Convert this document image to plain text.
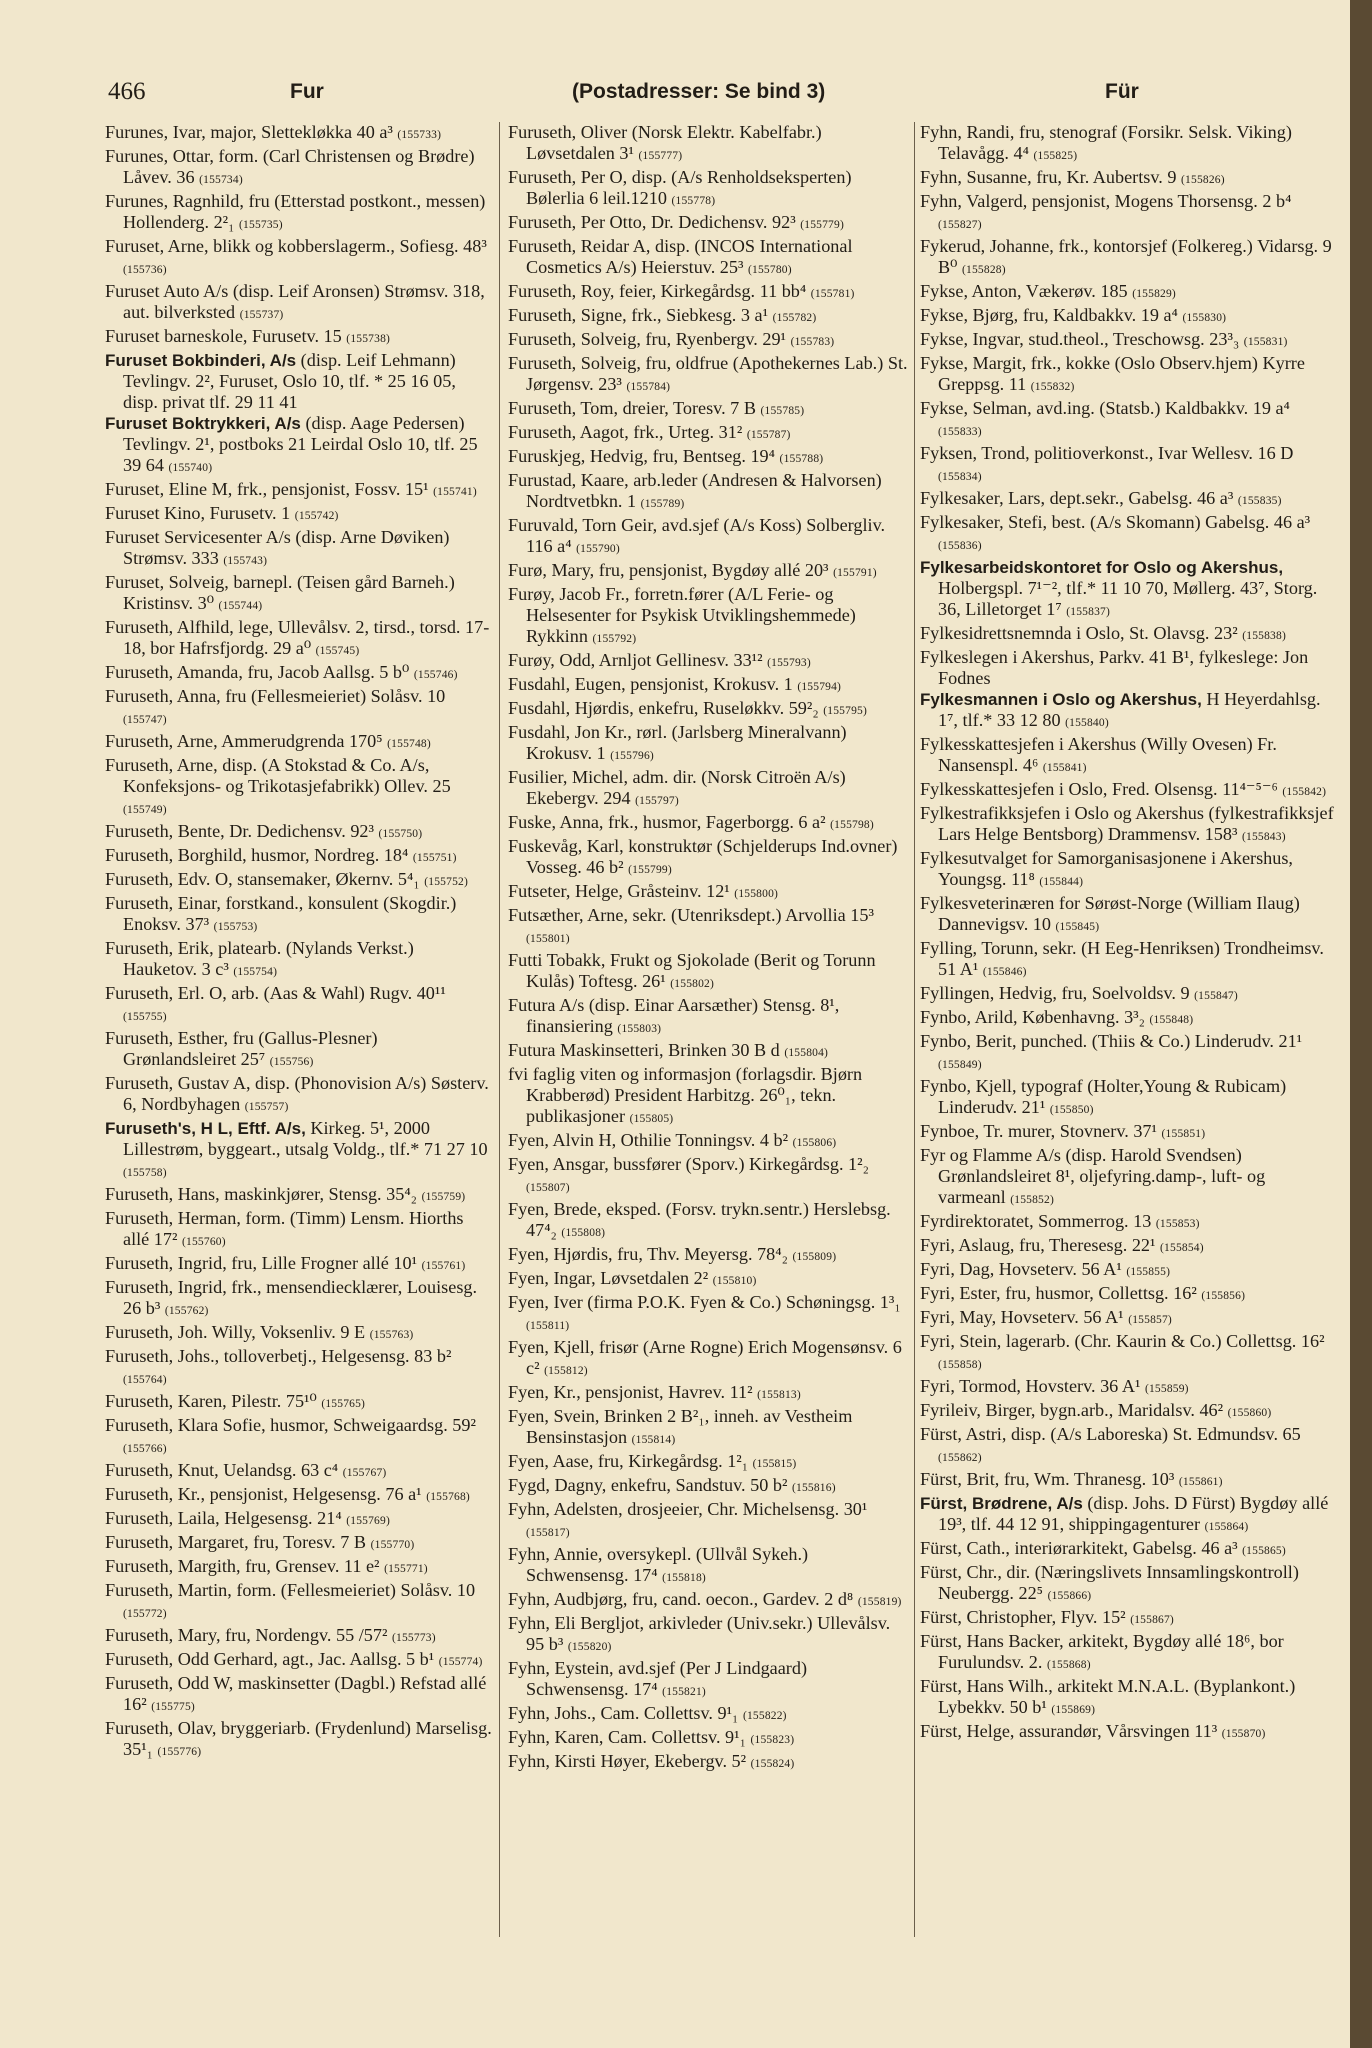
466	Fur	(Postadresser: Se bind 3)	Für
Furunes, Ivar, major, Slettekløkka 40 a³ (155733)
Furunes, Ottar, form. (Carl Christensen og Brødre) Låvev. 36 (155734)
Furunes, Ragnhild, fru (Etterstad postkont., messen) Hollenderg. 2²₁ (155735)
Furuset, Arne, blikk og kobberslagerm., Sofiesg. 48³ (155736)
Furuset Auto A/s (disp. Leif Aronsen) Strømsv. 318, aut. bilverksted (155737)
Furuset barneskole, Furusetv. 15 (155738)
Furuset Bokbinderi, A/s (disp. Leif Lehmann) Tevlingv. 2², Furuset, Oslo 10, tlf. * 25 16 05, disp. privat tlf. 29 11 41
Furuset Boktrykkeri, A/s (disp. Aage Pedersen) Tevlingv. 2¹, postboks 21 Leirdal Oslo 10, tlf. 25 39 64 (155740)
Furuset, Eline M, frk., pensjonist, Fossv. 15¹ (155741)
Furuset Kino, Furusetv. 1 (155742)
Furuset Servicesenter A/s (disp. Arne Døviken) Strømsv. 333 (155743)
Furuset, Solveig, barnepl. (Teisen gård Barneh.) Kristinsv. 3⁰ (155744)
Furuseth, Alfhild, lege, Ullevålsv. 2, tirsd., torsd. 17-18, bor Hafrsfjordg. 29 a⁰ (155745)
Furuseth, Amanda, fru, Jacob Aallsg. 5 b⁰ (155746)
Furuseth, Anna, fru (Fellesmeieriet) Solåsv. 10 (155747)
Furuseth, Arne, Ammerudgrenda 170⁵ (155748)
Furuseth, Arne, disp. (A Stokstad & Co. A/s, Konfeksjons- og Trikotasjefabrikk) Ollev. 25 (155749)
Furuseth, Bente, Dr. Dedichensv. 92³ (155750)
Furuseth, Borghild, husmor, Nordreg. 18⁴ (155751)
Furuseth, Edv. O, stansemaker, Økernv. 5⁴₁ (155752)
Furuseth, Einar, forstkand., konsulent (Skogdir.) Enoksv. 37³ (155753)
Furuseth, Erik, platearb. (Nylands Verkst.) Hauketov. 3 c³ (155754)
Furuseth, Erl. O, arb. (Aas & Wahl) Rugv. 40¹¹ (155755)
Furuseth, Esther, fru (Gallus-Plesner) Grønlandsleiret 25⁷ (155756)
Furuseth, Gustav A, disp. (Phonovision A/s) Søsterv. 6, Nordbyhagen (155757)
Furuseth's, H L, Eftf. A/s, Kirkeg. 5¹, 2000 Lillestrøm, byggeart., utsalg Voldg., tlf.* 71 27 10 (155758)
Furuseth, Hans, maskinkjører, Stensg. 35⁴₂ (155759)
Furuseth, Herman, form. (Timm) Lensm. Hiorths allé 17² (155760)
Furuseth, Ingrid, fru, Lille Frogner allé 10¹ (155761)
Furuseth, Ingrid, frk., mensendiecklærer, Louisesg. 26 b³ (155762)
Furuseth, Joh. Willy, Voksenliv. 9 E (155763)
Furuseth, Johs., tolloverbetj., Helgesensg. 83 b² (155764)
Furuseth, Karen, Pilestr. 75¹⁰ (155765)
Furuseth, Klara Sofie, husmor, Schweigaardsg. 59² (155766)
Furuseth, Knut, Uelandsg. 63 c⁴ (155767)
Furuseth, Kr., pensjonist, Helgesensg. 76 a¹ (155768)
Furuseth, Laila, Helgesensg. 21⁴ (155769)
Furuseth, Margaret, fru, Toresv. 7 B (155770)
Furuseth, Margith, fru, Grensev. 11 e² (155771)
Furuseth, Martin, form. (Fellesmeieriet) Solåsv. 10 (155772)
Furuseth, Mary, fru, Nordengv. 55 /57² (155773)
Furuseth, Odd Gerhard, agt., Jac. Aallsg. 5 b¹ (155774)
Furuseth, Odd W, maskinsetter (Dagbl.) Refstad allé 16² (155775)
Furuseth, Olav, bryggeriarb. (Frydenlund) Marselisg. 35¹₁ (155776)
Furuseth, Oliver (Norsk Elektr. Kabelfabr.) Løvsetdalen 3¹ (155777)
Furuseth, Per O, disp. (A/s Renholdseksperten) Bølerlia 6 leil.1210 (155778)
Furuseth, Per Otto, Dr. Dedichensv. 92³ (155779)
Furuseth, Reidar A, disp. (INCOS International Cosmetics A/s) Heierstuv. 25³ (155780)
Furuseth, Roy, feier, Kirkegårdsg. 11 bb⁴ (155781)
Furuseth, Signe, frk., Siebkesg. 3 a¹ (155782)
Furuseth, Solveig, fru, Ryenbergv. 29¹ (155783)
Furuseth, Solveig, fru, oldfrue (Apothekernes Lab.) St. Jørgensv. 23³ (155784)
Furuseth, Tom, dreier, Toresv. 7 B (155785)
Furuseth, Aagot, frk., Urteg. 31² (155787)
Furuskjeg, Hedvig, fru, Bentseg. 19⁴ (155788)
Furustad, Kaare, arb.leder (Andresen & Halvorsen) Nordtvetbkn. 1 (155789)
Furuvald, Torn Geir, avd.sjef (A/s Koss) Solbergliv. 116 a⁴ (155790)
Furø, Mary, fru, pensjonist, Bygdøy allé 20³ (155791)
Furøy, Jacob Fr., forretn.fører (A/L Ferie- og Helsesenter for Psykisk Utviklingshemmede) Rykkinn (155792)
Furøy, Odd, Arnljot Gellinesv. 33¹² (155793)
Fusdahl, Eugen, pensjonist, Krokusv. 1 (155794)
Fusdahl, Hjørdis, enkefru, Ruseløkkv. 59²₂ (155795)
Fusdahl, Jon Kr., rørl. (Jarlsberg Mineralvann) Krokusv. 1 (155796)
Fusilier, Michel, adm. dir. (Norsk Citroën A/s) Ekebergv. 294 (155797)
Fuske, Anna, frk., husmor, Fagerborgg. 6 a² (155798)
Fuskevåg, Karl, konstruktør (Schjelderups Ind.ovner) Vosseg. 46 b² (155799)
Futseter, Helge, Gråsteinv. 12¹ (155800)
Futsæther, Arne, sekr. (Utenriksdept.) Arvollia 15³ (155801)
Futti Tobakk, Frukt og Sjokolade (Berit og Torunn Kulås) Toftesg. 26¹ (155802)
Futura A/s (disp. Einar Aarsæther) Stensg. 8¹, finansiering (155803)
Futura Maskinsetteri, Brinken 30 B d (155804)
fvi faglig viten og informasjon (forlagsdir. Bjørn Krabberød) President Harbitzg. 26⁰₁, tekn. publikasjoner (155805)
Fyen, Alvin H, Othilie Tonningsv. 4 b² (155806)
Fyen, Ansgar, bussfører (Sporv.) Kirkegårdsg. 1²₂ (155807)
Fyen, Brede, eksped. (Forsv. trykn.sentr.) Herslebsg. 47⁴₂ (155808)
Fyen, Hjørdis, fru, Thv. Meyersg. 78⁴₂ (155809)
Fyen, Ingar, Løvsetdalen 2² (155810)
Fyen, Iver (firma P.O.K. Fyen & Co.) Schøningsg. 1³₁ (155811)
Fyen, Kjell, frisør (Arne Rogne) Erich Mogensønsv. 6 c² (155812)
Fyen, Kr., pensjonist, Havrev. 11² (155813)
Fyen, Svein, Brinken 2 B²₁, inneh. av Vestheim Bensinstasjon (155814)
Fyen, Aase, fru, Kirkegårdsg. 1²₁ (155815)
Fygd, Dagny, enkefru, Sandstuv. 50 b² (155816)
Fyhn, Adelsten, drosjeeier, Chr. Michelsensg. 30¹ (155817)
Fyhn, Annie, oversykepl. (Ullvål Sykeh.) Schwensensg. 17⁴ (155818)
Fyhn, Audbjørg, fru, cand. oecon., Gardev. 2 d⁸ (155819)
Fyhn, Eli Bergljot, arkivleder (Univ.sekr.) Ullevålsv. 95 b³ (155820)
Fyhn, Eystein, avd.sjef (Per J Lindgaard) Schwensensg. 17⁴ (155821)
Fyhn, Johs., Cam. Collettsv. 9¹₁ (155822)
Fyhn, Karen, Cam. Collettsv. 9¹₁ (155823)
Fyhn, Kirsti Høyer, Ekebergv. 5² (155824)
Fyhn, Randi, fru, stenograf (Forsikr. Selsk. Viking) Telavågg. 4⁴ (155825)
Fyhn, Susanne, fru, Kr. Aubertsv. 9 (155826)
Fyhn, Valgerd, pensjonist, Mogens Thorsensg. 2 b⁴ (155827)
Fykerud, Johanne, frk., kontorsjef (Folkereg.) Vidarsg. 9 B⁰ (155828)
Fykse, Anton, Vækerøv. 185 (155829)
Fykse, Bjørg, fru, Kaldbakkv. 19 a⁴ (155830)
Fykse, Ingvar, stud.theol., Treschowsg. 23³₃ (155831)
Fykse, Margit, frk., kokke (Oslo Observ.hjem) Kyrre Greppsg. 11 (155832)
Fykse, Selman, avd.ing. (Statsb.) Kaldbakkv. 19 a⁴ (155833)
Fyksen, Trond, politioverkonst., Ivar Wellesv. 16 D (155834)
Fylkesaker, Lars, dept.sekr., Gabelsg. 46 a³ (155835)
Fylkesaker, Stefi, best. (A/s Skomann) Gabelsg. 46 a³ (155836)
Fylkesarbeidskontoret for Oslo og Akershus, Holbergspl. 7¹⁻², tlf.* 11 10 70, Møllerg. 43⁷, Storg. 36, Lilletorget 1⁷ (155837)
Fylkesidrettsnemnda i Oslo, St. Olavsg. 23² (155838)
Fylkeslegen i Akershus, Parkv. 41 B¹, fylkeslege: Jon Fodnes
Fylkesmannen i Oslo og Akershus, H Heyerdahlsg. 1⁷, tlf.* 33 12 80 (155840)
Fylkesskattesjefen i Akershus (Willy Ovesen) Fr. Nansenspl. 4⁶ (155841)
Fylkesskattesjefen i Oslo, Fred. Olsensg. 11⁴⁻⁵⁻⁶ (155842)
Fylkestrafikksjefen i Oslo og Akershus (fylkestrafikksjef Lars Helge Bentsborg) Drammensv. 158³ (155843)
Fylkesutvalget for Samorganisasjonene i Akershus, Youngsg. 11⁸ (155844)
Fylkesveterinæren for Sørøst-Norge (William Ilaug) Dannevigsv. 10 (155845)
Fylling, Torunn, sekr. (H Eeg-Henriksen) Trondheimsv. 51 A¹ (155846)
Fyllingen, Hedvig, fru, Soelvoldsv. 9 (155847)
Fynbo, Arild, Københavng. 3³₂ (155848)
Fynbo, Berit, punched. (Thiis & Co.) Linderudv. 21¹ (155849)
Fynbo, Kjell, typograf (Holter,Young & Rubicam) Linderudv. 21¹ (155850)
Fynboe, Tr. murer, Stovnerv. 37¹ (155851)
Fyr og Flamme A/s (disp. Harold Svendsen) Grønlandsleiret 8¹, oljefyring.damp-, luft- og varmeanl (155852)
Fyrdirektoratet, Sommerrog. 13 (155853)
Fyri, Aslaug, fru, Theresesg. 22¹ (155854)
Fyri, Dag, Hovseterv. 56 A¹ (155855)
Fyri, Ester, fru, husmor, Collettsg. 16² (155856)
Fyri, May, Hovseterv. 56 A¹ (155857)
Fyri, Stein, lagerarb. (Chr. Kaurin & Co.) Collettsg. 16² (155858)
Fyri, Tormod, Hovsterv. 36 A¹ (155859)
Fyrileiv, Birger, bygn.arb., Maridalsv. 46² (155860)
Fürst, Astri, disp. (A/s Laboreska) St. Edmundsv. 65 (155862)
Fürst, Brit, fru, Wm. Thranesg. 10³ (155861)
Fürst, Brødrene, A/s (disp. Johs. D Fürst) Bygdøy allé 19³, tlf. 44 12 91, shippingagenturer (155864)
Fürst, Cath., interiørarkitekt, Gabelsg. 46 a³ (155865)
Fürst, Chr., dir. (Næringslivets Innsamlingskontroll) Neubergg. 22⁵ (155866)
Fürst, Christopher, Flyv. 15² (155867)
Fürst, Hans Backer, arkitekt, Bygdøy allé 18⁶, bor Furulundsv. 2. (155868)
Fürst, Hans Wilh., arkitekt M.N.A.L. (Byplankont.) Lybekkv. 50 b¹ (155869)
Fürst, Helge, assurandør, Vårsvingen 11³ (155870)
